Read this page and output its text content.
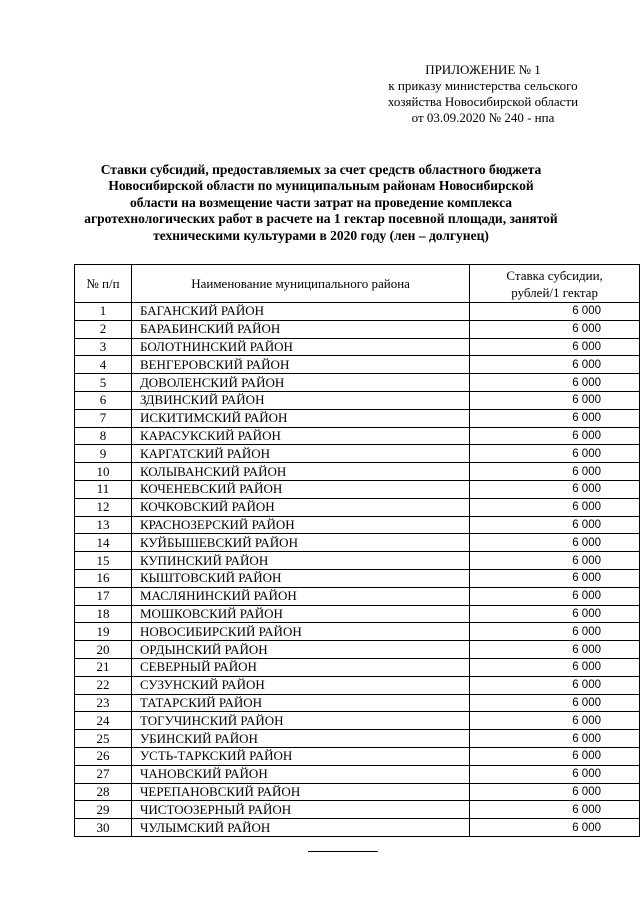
ПРИЛОЖЕНИЕ № 1
к приказу министерства сельского
хозяйства Новосибирской области
от 03.09.2020 № 240 - нпа
Ставки субсидий, предоставляемых за счет средств областного бюджета
Новосибирской области по муниципальным районам Новосибирской
области на возмещение части затрат на проведение комплекса
агротехнологических работ в расчете на 1 гектар посевной площади, занятой
техническими культурами в 2020 году (лен – долгунец)
№ п/п	Наименование муниципального района	Ставка субсидии,
рублей/1 гектар

1	БАГАНСКИЙ РАЙОН	6 000
2	БАРАБИНСКИЙ РАЙОН	6 000
3	БОЛОТНИНСКИЙ РАЙОН	6 000
4	ВЕНГЕРОВСКИЙ РАЙОН	6 000
5	ДОВОЛЕНСКИЙ РАЙОН	6 000
6	ЗДВИНСКИЙ РАЙОН	6 000
7	ИСКИТИМСКИЙ РАЙОН	6 000
8	КАРАСУКСКИЙ РАЙОН	6 000
9	КАРГАТСКИЙ РАЙОН	6 000
10	КОЛЫВАНСКИЙ РАЙОН	6 000
11	КОЧЕНЕВСКИЙ РАЙОН	6 000
12	КОЧКОВСКИЙ РАЙОН	6 000
13	КРАСНОЗЕРСКИЙ РАЙОН	6 000
14	КУЙБЫШЕВСКИЙ РАЙОН	6 000
15	КУПИНСКИЙ РАЙОН	6 000
16	КЫШТОВСКИЙ РАЙОН	6 000
17	МАСЛЯНИНСКИЙ РАЙОН	6 000
18	МОШКОВСКИЙ РАЙОН	6 000
19	НОВОСИБИРСКИЙ РАЙОН	6 000
20	ОРДЫНСКИЙ РАЙОН	6 000
21	СЕВЕРНЫЙ РАЙОН	6 000
22	СУЗУНСКИЙ РАЙОН	6 000
23	ТАТАРСКИЙ РАЙОН	6 000
24	ТОГУЧИНСКИЙ РАЙОН	6 000
25	УБИНСКИЙ РАЙОН	6 000
26	УСТЬ-ТАРКСКИЙ РАЙОН	6 000
27	ЧАНОВСКИЙ РАЙОН	6 000
28	ЧЕРЕПАНОВСКИЙ РАЙОН	6 000
29	ЧИСТООЗЕРНЫЙ РАЙОН	6 000
30	ЧУЛЫМСКИЙ РАЙОН	6 000
